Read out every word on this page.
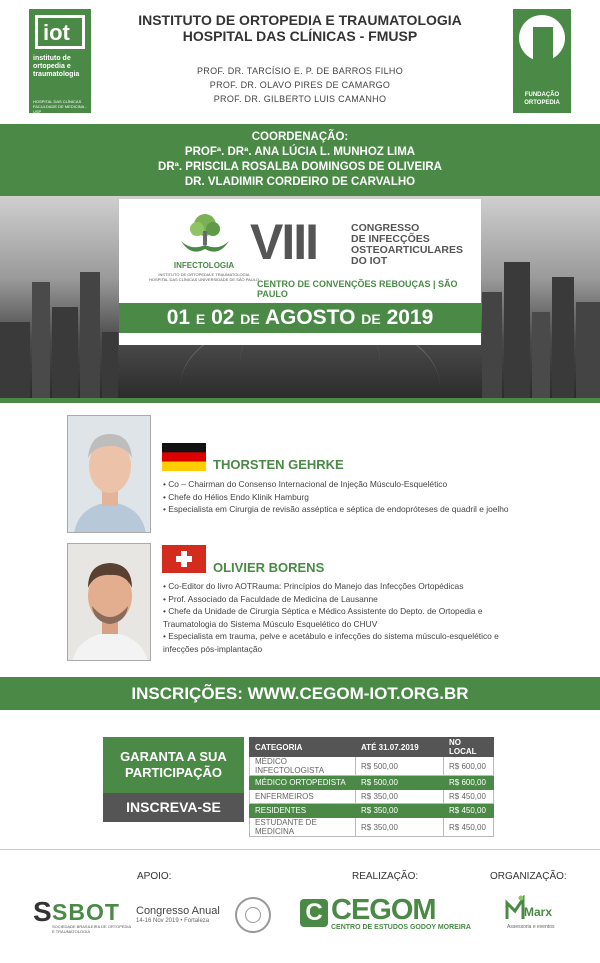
iot
instituto de ortopedia e traumatologia
HOSPITAL DAS CLÍNICAS FACULDADE DE MEDICINA - USP
INSTITUTO DE ORTOPEDIA E TRAUMATOLOGIA
HOSPITAL DAS CLÍNICAS - FMUSP
PROF. DR. TARCÍSIO E. P. DE BARROS FILHO
PROF. DR. OLAVO PIRES DE CAMARGO
PROF. DR. GILBERTO LUIS CAMANHO	FUNDAÇÃO ORTOPEDIA
COORDENAÇÃO:
PROFª. DRª. ANA LÚCIA L. MUNHOZ LIMA
DRª. PRISCILA ROSALBA DOMINGOS DE OLIVEIRA
DR. VLADIMIR CORDEIRO DE CARVALHO
INFECTOLOGIA
INSTITUTO DE ORTOPEDIA E TRAUMATOLOGIA HOSPITAL DAS CLÍNICAS UNIVERSIDADE DE SÃO PAULO
VIII	CONGRESSO
DE INFECÇÕES
OSTEOARTICULARES
DO IOT
CENTRO DE CONVENÇÕES REBOUÇAS | SÃO PAULO
01 E 02 DE AGOSTO DE 2019
THORSTEN GEHRKE
• Co – Chairman do Consenso Internacional de Injeção Músculo-Esquelético
• Chefe do Hélios Endo Klinik Hamburg
• Especialista em Cirurgia de revisão asséptica e séptica de endopróteses de quadril e joelho
OLIVIER BORENS
• Co-Editor do livro AOTRauma: Princípios do Manejo das Infecções Ortopédicas
• Prof. Associado da Faculdade de Medicina de Lausanne
• Chefe da Unidade de Cirurgia Séptica e Médico Assistente do Depto. de Ortopedia e
Traumatologia do Sistema Músculo Esquelético do CHUV
• Especialista em trauma, pelve e acetábulo e infecções do sistema músculo-esquelético e
infecções pós-implantação
INSCRIÇÕES: WWW.CEGOM-IOT.ORG.BR
GARANTA A SUA
PARTICIPAÇÃO
INSCREVA-SE
CATEGORIA	ATÉ 31.07.2019	NO LOCAL
MÉDICO INFECTOLOGISTA	R$ 500,00	R$ 600,00
MÉDICO ORTOPEDISTA	R$ 500,00	R$ 600,00
ENFERMEIROS	R$ 350,00	R$ 450,00
RESIDENTES	R$ 350,00	R$ 450,00
ESTUDANTE DE MEDICINA	R$ 350,00	R$ 450,00
APOIO:	REALIZAÇÃO:	ORGANIZAÇÃO:
S SBOT
SOCIEDADE BRASILEIRA DE ORTOPEDIA E TRAUMATOLOGIA
Congresso Anual
14-16 Nov 2019 • Fortaleza	C CEGOM
CENTRO DE ESTUDOS GODOY MOREIRA
Marx
Assessoria e eventos
